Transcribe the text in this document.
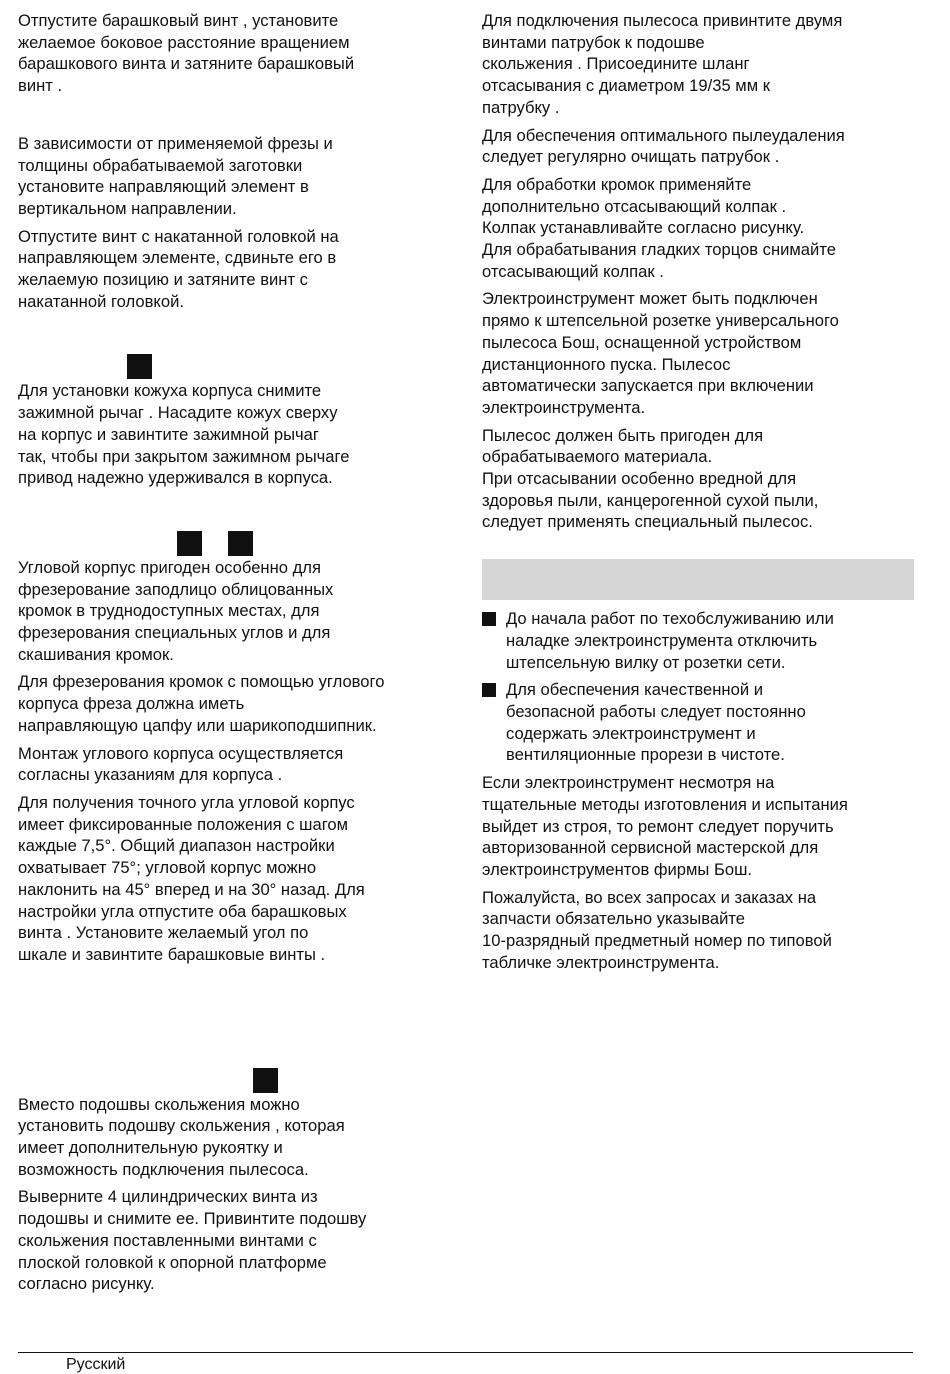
Отпустите барашковый винт , установите
желаемое боковое расстояние вращением
барашкового винта и затяните барашковый
винт .

В зависимости от применяемой фрезы и
толщины обрабатываемой заготовки
установите направляющий элемент в
вертикальном направлении.

Отпустите винт с накатанной головкой на
направляющем элементе, сдвиньте его в
желаемую позицию и затяните винт с
накатанной головкой.

Для установки кожуха корпуса снимите
зажимной рычаг . Насадите кожух сверху
на корпус и завинтите зажимной рычаг
так, чтобы при закрытом зажимном рычаге
привод надежно удерживался в корпуса.

Угловой корпус пригоден особенно для
фрезерование заподлицо облицованных
кромок в труднодоступных местах, для
фрезерования специальных углов и для
скашивания кромок.

Для фрезерования кромок с помощью углового
корпуса фреза должна иметь
направляющую цапфу или шарикоподшипник.

Монтаж углового корпуса осуществляется
согласны указаниям для корпуса .

Для получения точного угла угловой корпус
имеет фиксированные положения с шагом
каждые 7,5°. Общий диапазон настройки
охватывает 75°; угловой корпус можно
наклонить на 45° вперед и на 30° назад. Для
настройки угла отпустите оба барашковых
винта . Установите желаемый угол по
шкале и завинтите барашковые винты .

Вместо подошвы скольжения можно
установить подошву скольжения , которая
имеет дополнительную рукоятку и
возможность подключения пылесоса.

Выверните 4 цилиндрических винта из
подошвы и снимите ее. Привинтите подошву
скольжения поставленными винтами с
плоской головкой к опорной платформе
согласно рисунку.

Для подключения пылесоса привинтите двумя
винтами патрубок к подошве
скольжения . Присоедините шланг
отсасывания с диаметром 19/35 мм к
патрубку .

Для обеспечения оптимального пылеудаления
следует регулярно очищать патрубок .

Для обработки кромок применяйте
дополнительно отсасывающий колпак .
Колпак устанавливайте согласно рисунку.
Для обрабатывания гладких торцов снимайте
отсасывающий колпак .

Электроинструмент может быть подключен
прямо к штепсельной розетке универсального
пылесоса Бош, оснащенной устройством
дистанционного пуска. Пылесос
автоматически запускается при включении
электроинструмента.

Пылесос должен быть пригоден для
обрабатываемого материала.
При отсасывании особенно вредной для
здоровья пыли, канцерогенной сухой пыли,
следует применять специальный пылесос.

До начала работ по техобслуживанию или
наладке электроинструмента отключить
штепсельную вилку от розетки сети.

Для обеспечения качественной и
безопасной работы следует постоянно
содержать электроинструмент и
вентиляционные прорези в чистоте.

Если электроинструмент несмотря на
тщательные методы изготовления и испытания
выйдет из строя, то ремонт следует поручить
авторизованной сервисной мастерской для
электроинструментов фирмы Бош.

Пожалуйста, во всех запросах и заказах на
запчасти обязательно указывайте
10-разрядный предметный номер по типовой
табличке электроинструмента.

Русский
